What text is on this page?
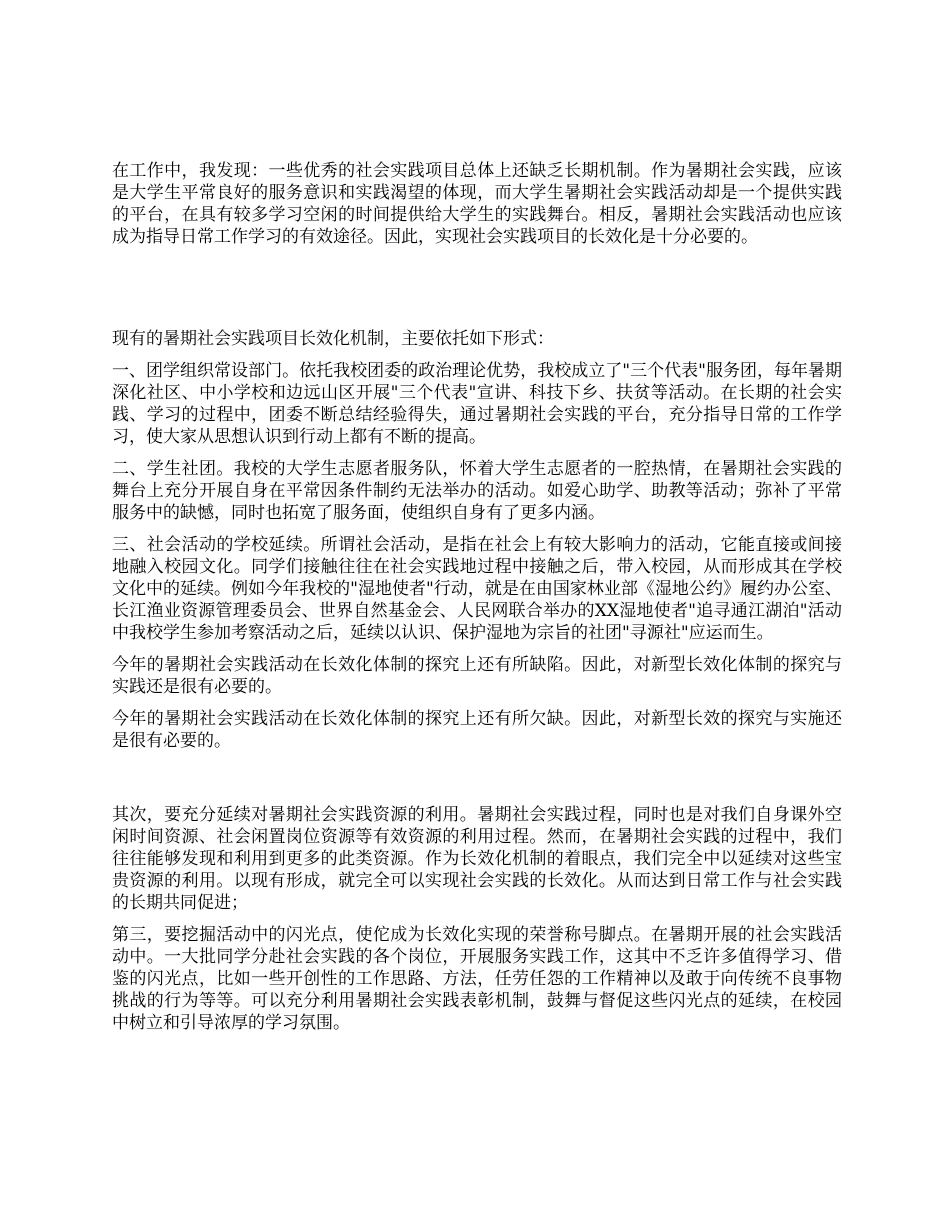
在工作中，我发现：一些优秀的社会实践项目总体上还缺乏长期机制。作为暑期社会实践，应该是大学生平常良好的服务意识和实践渴望的体现，而大学生暑期社会实践活动却是一个提供实践的平台，在具有较多学习空闲的时间提供给大学生的实践舞台。相反，暑期社会实践活动也应该成为指导日常工作学习的有效途径。因此，实现社会实践项目的长效化是十分必要的。

现有的暑期社会实践项目长效化机制，主要依托如下形式：

一、团学组织常设部门。依托我校团委的政治理论优势，我校成立了"三个代表"服务团，每年暑期深化社区、中小学校和边远山区开展"三个代表"宣讲、科技下乡、扶贫等活动。在长期的社会实践、学习的过程中，团委不断总结经验得失，通过暑期社会实践的平台，充分指导日常的工作学习，使大家从思想认识到行动上都有不断的提高。

二、学生社团。我校的大学生志愿者服务队，怀着大学生志愿者的一腔热情，在暑期社会实践的舞台上充分开展自身在平常因条件制约无法举办的活动。如爱心助学、助教等活动；弥补了平常服务中的缺憾，同时也拓宽了服务面，使组织自身有了更多内涵。

三、社会活动的学校延续。所谓社会活动，是指在社会上有较大影响力的活动，它能直接或间接地融入校园文化。同学们接触往往在社会实践地过程中接触之后，带入校园，从而形成其在学校文化中的延续。例如今年我校的"湿地使者"行动，就是在由国家林业部《湿地公约》履约办公室、长江渔业资源管理委员会、世界自然基金会、人民网联合举办的XX湿地使者"追寻通江湖泊"活动中我校学生参加考察活动之后，延续以认识、保护湿地为宗旨的社团"寻源社"应运而生。

今年的暑期社会实践活动在长效化体制的探究上还有所缺陷。因此，对新型长效化体制的探究与实践还是很有必要的。

今年的暑期社会实践活动在长效化体制的探究上还有所欠缺。因此，对新型长效的探究与实施还是很有必要的。

其次，要充分延续对暑期社会实践资源的利用。暑期社会实践过程，同时也是对我们自身课外空闲时间资源、社会闲置岗位资源等有效资源的利用过程。然而，在暑期社会实践的过程中，我们往往能够发现和利用到更多的此类资源。作为长效化机制的着眼点，我们完全中以延续对这些宝贵资源的利用。以现有形成，就完全可以实现社会实践的长效化。从而达到日常工作与社会实践的长期共同促进；

第三，要挖掘活动中的闪光点，使佗成为长效化实现的荣誉称号脚点。在暑期开展的社会实践活动中。一大批同学分赴社会实践的各个岗位，开展服务实践工作，这其中不乏许多值得学习、借鉴的闪光点，比如一些开创性的工作思路、方法，任劳任怨的工作精神以及敢于向传统不良事物挑战的行为等等。可以充分利用暑期社会实践表彰机制，鼓舞与督促这些闪光点的延续，在校园中树立和引导浓厚的学习氛围。
